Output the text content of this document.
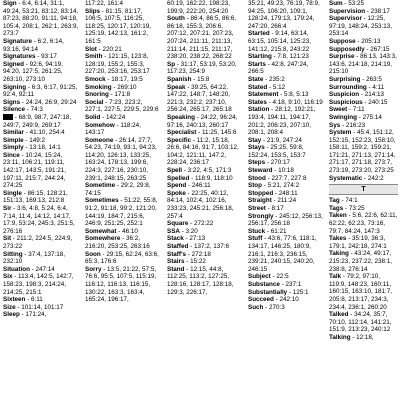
Sign - 6:4, 6:14, 31:1, 49:24, 53:21, 83:12, 83:14, 87:23, 88:20, 91:11, 94:18, 105:4, 208:1, 262:1, 263:9, 273:7

Signature - 6:2, 6:14, 93:16, 94:14

Signatures - 93:17

Signed - 92:6, 94:19, 94:20, 127:5, 261:25, 263:10, 273:10

Signing - 6:3, 6:17, 91:25, 92:4, 92:11

Signs - 24:24, 26:9, 29:24

Silence - 74:3

- 68:9, 98:7, 247:18, 249:7, 249:9, 269:17

Similar - 41:10, 254:4

Simple - 149:2

Simply - 13:18, 14:1

Since - 10:24, 15:24, 23:11, 106:21, 119:11, 142:17, 143:5, 191:21, 197:11, 215:7, 244:24, 274:25

Single - 86:15, 128:21, 151:13, 169:13, 212:8

Sir - 3:6, 4:8, 5:24, 6:4, 7:14, 11:4, 14:12, 14:17, 17:9, 53:24, 245:3, 251:5, 276:16

Sit - 211:2, 224:5, 224:9, 273:22

Sitting - 37:4, 137:18, 232:10

Situation - 247:14

Six - 113:4, 142:5, 142:7, 158:23, 198:3, 214:24, 214:25, 215:1

Sixteen - 6:11

Size - 101:14, 101:17

Sleep - 171:24,

117:22, 161:4

Slips - 81:15, 81:17, 106:5, 107:5, 116:25, 118:25, 120:17, 120:19, 125:19, 142:13, 161:2, 161:5

Slot - 220:21

Smith - 121:15, 123:8, 128:19, 155:2, 155:3, 227:20, 253:16, 253:17

Smock - 18:17, 19:5

Smoking - 269:10

Snoring - 171:8

Social - 7:23, 223:2, 227:1, 227:5, 229:5, 229:6

Solid - 142:24

Somehow - 118:24, 143:17

Someone - 26:14, 27:7, 54:23, 74:19, 93:1, 94:23, 114:20, 126:13, 133:25, 163:24, 178:13, 199:6, 224:3, 227:16, 230:10, 239:1, 248:15, 263:25

Sometime - 29:2, 29:8, 74:15

Sometimes - 51:22, 55:8, 91:2, 91:18, 99:2, 121:20, 144:19, 184:7, 215:6, 246:9, 251:25, 252:1

Somewhat - 46:10

Somewhere - 36:2, 216:20, 253:25, 263:16

Soon - 29:15, 62:24, 63:6, 65:3, 176:6

Sorry - 13:5, 21:22, 57:5, 76:6, 95:5, 107:5, 115:19, 116:12, 116:13, 116:15, 130:22, 163:3, 163:4, 165:24, 196:17,

60:19, 162:22, 198:23, 199:9, 222:20, 254:20

South - 86:4, 86:5, 86:6, 86:18, 155:3, 206:6, 207:12, 207:21, 207:23, 207:24, 211:11, 211:13, 211:14, 211:15, 211:17, 238:20, 238:22, 268:22

Sp - 31:17, 53:19, 53:20, 117:23, 254:9

Spanish - 15:8

Speak - 39:25, 64:22, 147:22, 148:7, 148:20, 221:3, 232:2, 237:10, 256:24, 265:17, 265:18

Speaking - 24:22, 96:24, 97:16, 240:13, 260:17

Specialist - 11:25, 145:6

Specific - 11:2, 15:18, 26:6, 84:16, 91:7, 103:12, 104:2, 121:11, 147:2, 228:24, 236:17

Spell - 3:22, 4:5, 171:3

Spelled - 118:9, 118:10

Spend - 246:11

Spoke - 22:25, 40:12, 84:14, 102:4, 102:16, 233:23, 245:21, 256:18, 257:4

Square - 272:22

SSA - 3:20

Stack - 27:13

Staffed - 137:2, 137:6

Staff's - 272:18

Stairs - 15:22

Stand - 12:15, 44:8, 112:25, 113:2, 127:25, 128:16, 128:17, 128:18, 129:3, 226:17,

35:21, 49:23, 76:19, 78:9, 94:25, 106:20, 109:1, 128:24, 179:13, 179:24, 247:20, 266:4

Started - 9:14, 63:14, 63:15, 105:14, 125:23, 141:12, 215:8, 243:22

Starting - 7:8, 121:23

Starts - 42:8, 247:24, 266:5

State - 235:2

Stated - 5:12

Statement - 5:8, 5:13

States - 4:18, 9:10, 116:19

Station - 28:12, 192:21, 193:4, 194:11, 194:17, 201:2, 206:23, 207:10, 208:1, 208:4

Stay - 21:9, 247:24

Stays - 25:25, 59:8, 152:24, 153:5, 153:7

Steps - 270:17

Steward - 10:18

Stood - 227:7, 227:8

Stop - 5:21, 274:2

Stopped - 248:11

Straight - 211:24

Street - 8:17

Strongly - 245:12, 256:13, 256:17, 256:18

Stuck - 61:21

Stuff - 43:6, 77:6, 118:1, 134:17, 146:25, 180:9, 216:1, 216:3, 236:15, 239:21, 240:15, 240:20, 246:15

Subject - 22:5

Substance - 237:1

Substantially - 125:1

Succeed - 242:10

Such - 270:3

Sum - 53:25

Supervision - 238:17

Supervisor - 12:25, 97:19, 148:24, 253:13, 253:14

Suppose - 205:13

Supposedly - 267:15

Surprise - 86:13, 143:3, 143:6, 214:18, 214:19, 215:10

Surprising - 263:5

Surrounding - 4:11

Suspicion - 214:13

Suspicious - 240:15

Sweet - 7:11

Swinging - 275:14

Sys - 216:23

System - 45:4, 151:12, 152:15, 152:23, 158:10, 158:11, 159:2, 159:21, 171:21, 271:13, 271:14, 271:17, 271:18, 273:7, 273:19, 273:20, 273:25

Systematic - 242:2

T

Tag - 74:1

Tags - 73:25

Taken - 5:6, 22:6, 62:11, 62:22, 62:23, 73:16, 79:7, 84:24, 147:3

Takes - 35:19, 36:3, 179:1, 242:18, 274:1

Taking - 43:24, 49:17, 215:23, 237:22, 238:1, 238:8, 276:14

Talk - 79:2, 97:10, 119:9, 148:23, 160:11, 160:15, 163:10, 181:7, 205:8, 213:17, 234:3, 234:4, 236:1, 260:20

Talked - 34:24, 35:7, 70:10, 112:14, 141:21, 151:9, 213:23, 240:12

Talking - 12:18,
